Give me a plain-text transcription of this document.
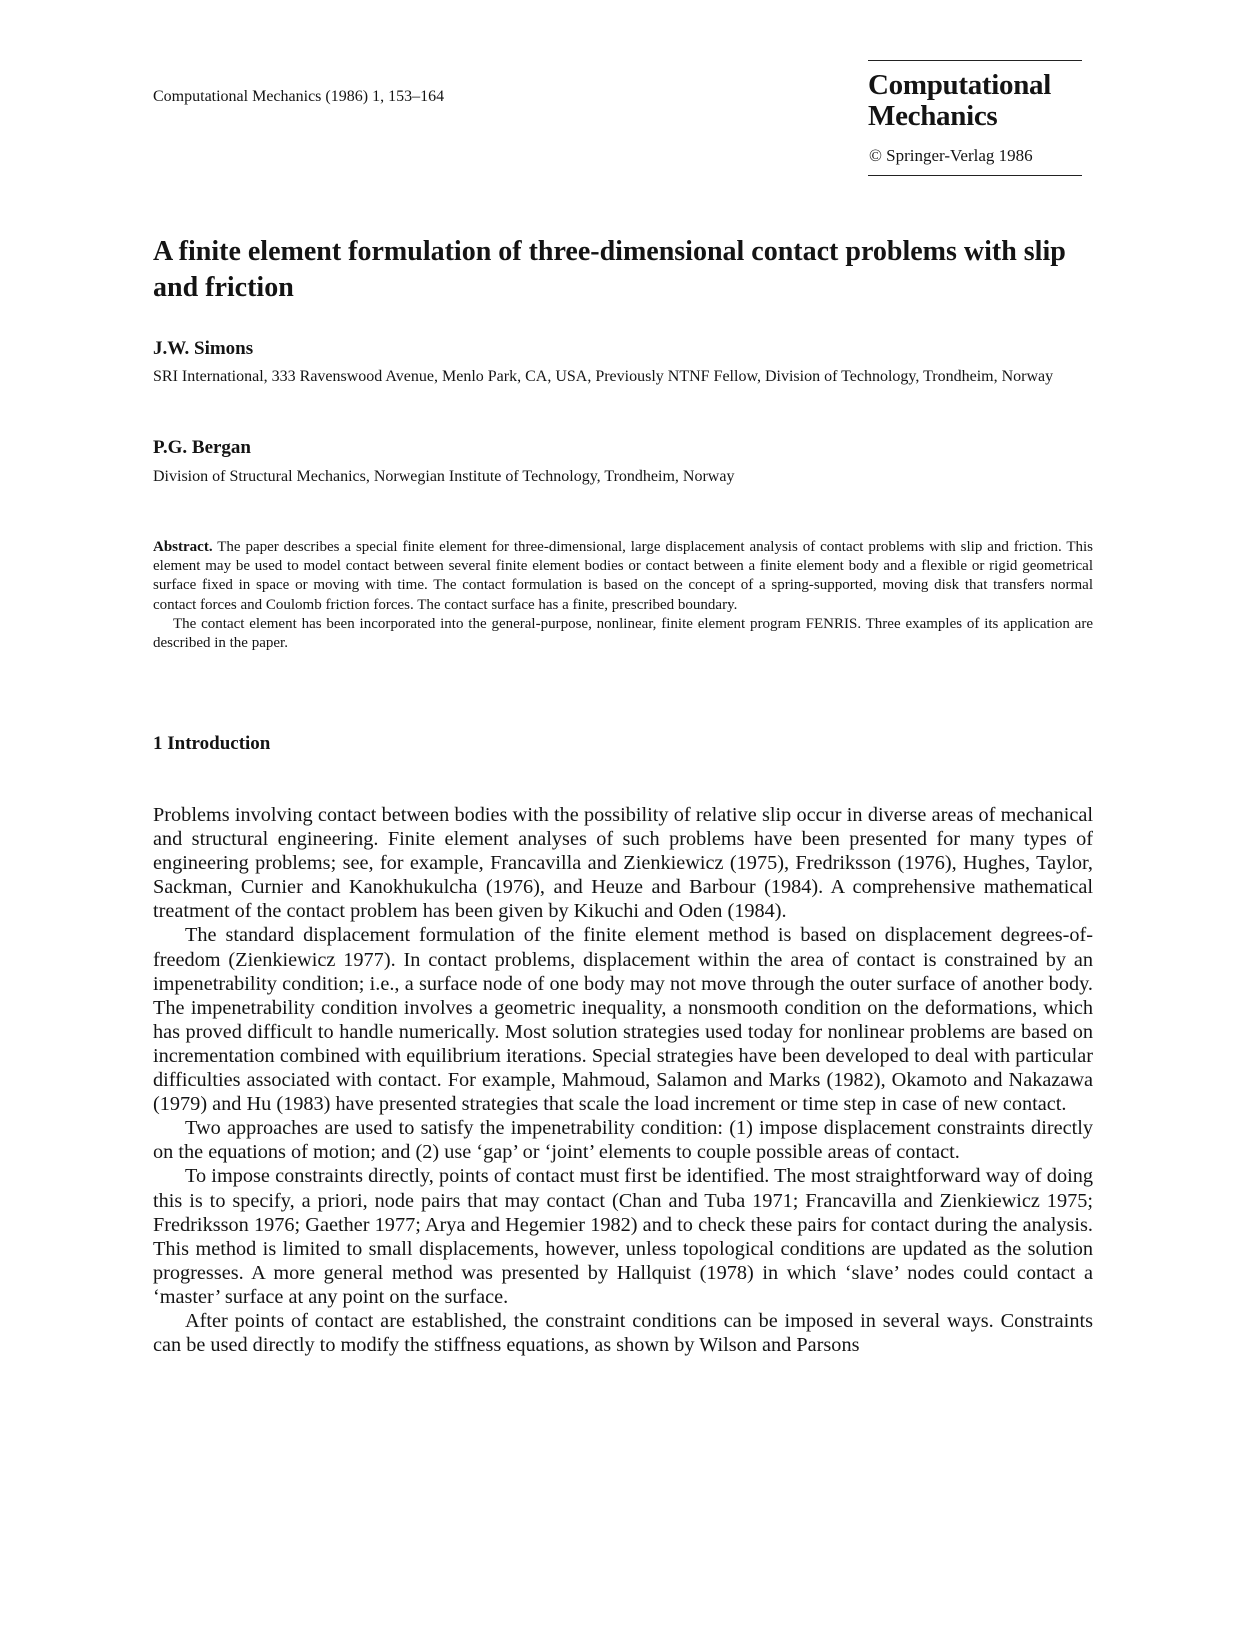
Computational Mechanics (1986) 1, 153–164	Computational
Mechanics
© Springer-Verlag 1986
A finite element formulation of three-dimensional contact problems with slip and friction
J.W. Simons
SRI International, 333 Ravenswood Avenue, Menlo Park, CA, USA, Previously NTNF Fellow, Division of Technology, Trondheim, Norway
P.G. Bergan
Division of Structural Mechanics, Norwegian Institute of Technology, Trondheim, Norway

Abstract. The paper describes a special finite element for three-dimensional, large displacement analysis of contact problems with slip and friction. This element may be used to model contact between several finite element bodies or contact between a finite element body and a flexible or rigid geometrical surface fixed in space or moving with time. The contact formulation is based on the concept of a spring-supported, moving disk that transfers normal contact forces and Coulomb friction forces. The contact surface has a finite, prescribed boundary.

The contact element has been incorporated into the general-purpose, nonlinear, finite element program FENRIS. Three examples of its application are described in the paper.

1 Introduction

Problems involving contact between bodies with the possibility of relative slip occur in diverse areas of mechanical and structural engineering. Finite element analyses of such problems have been presented for many types of engineering problems; see, for example, Francavilla and Zienkiewicz (1975), Fredriksson (1976), Hughes, Taylor, Sackman, Curnier and Kanokhukulcha (1976), and Heuze and Barbour (1984). A comprehensive mathematical treatment of the contact problem has been given by Kikuchi and Oden (1984).

The standard displacement formulation of the finite element method is based on displacement degrees-of-freedom (Zienkiewicz 1977). In contact problems, displacement within the area of contact is constrained by an impenetrability condition; i.e., a surface node of one body may not move through the outer surface of another body. The impenetrability condition involves a geometric inequality, a nonsmooth condition on the deformations, which has proved difficult to handle numerically. Most solution strategies used today for nonlinear problems are based on incrementation combined with equilibrium iterations. Special strategies have been developed to deal with particular difficulties associated with contact. For example, Mahmoud, Salamon and Marks (1982), Okamoto and Nakazawa (1979) and Hu (1983) have presented strategies that scale the load increment or time step in case of new contact.

Two approaches are used to satisfy the impenetrability condition: (1) impose displacement constraints directly on the equations of motion; and (2) use ‘gap’ or ‘joint’ elements to couple possible areas of contact.

To impose constraints directly, points of contact must first be identified. The most straightforward way of doing this is to specify, a priori, node pairs that may contact (Chan and Tuba 1971; Francavilla and Zienkiewicz 1975; Fredriksson 1976; Gaether 1977; Arya and Hegemier 1982) and to check these pairs for contact during the analysis. This method is limited to small displacements, however, unless topological conditions are updated as the solution progresses. A more general method was presented by Hallquist (1978) in which ‘slave’ nodes could contact a ‘master’ surface at any point on the surface.

After points of contact are established, the constraint conditions can be imposed in several ways. Constraints can be used directly to modify the stiffness equations, as shown by Wilson and Parsons
